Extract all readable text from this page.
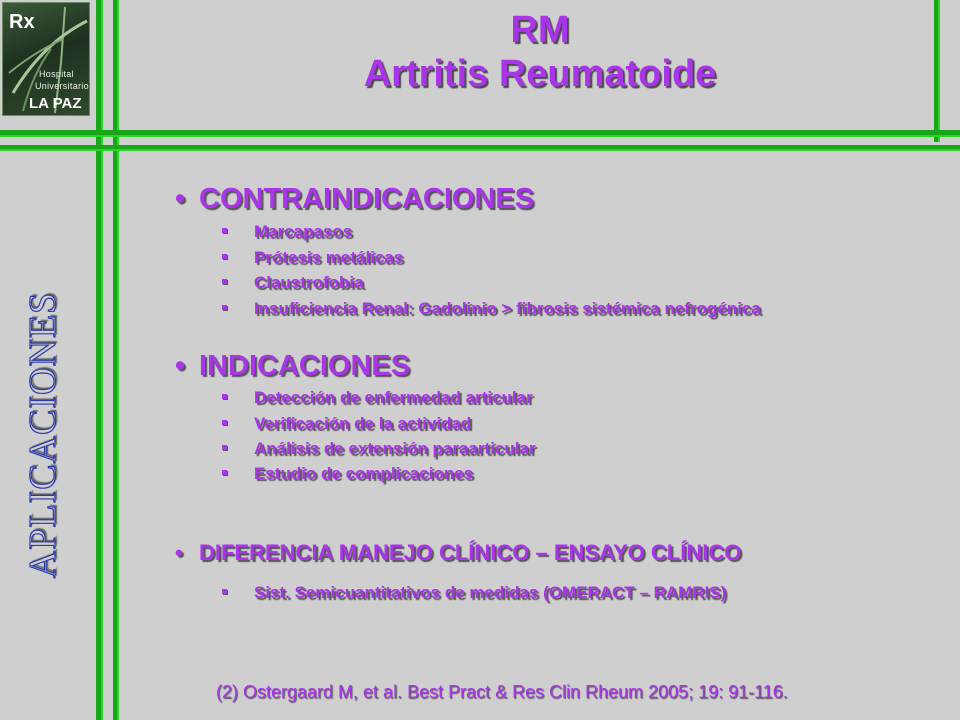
Rx
Hospital
Universitario
LA PAZ
RM
Artritis Reumatoide
APLICACIONES
• CONTRAINDICACIONES
Marcapasos
Prótesis metálicas
Claustrofobia
Insuficiencia Renal: Gadolinio > fibrosis sistémica nefrogénica
• INDICACIONES
Detección de enfermedad articular
Verificación de la actividad
Análisis de extensión paraarticular
Estudio de complicaciones
• DIFERENCIA MANEJO CLÍNICO – ENSAYO CLÍNICO
Sist. Semicuantitativos de medidas (OMERACT – RAMRIS)
(2) Ostergaard M, et al. Best Pract & Res Clin Rheum 2005; 19: 91-116.
